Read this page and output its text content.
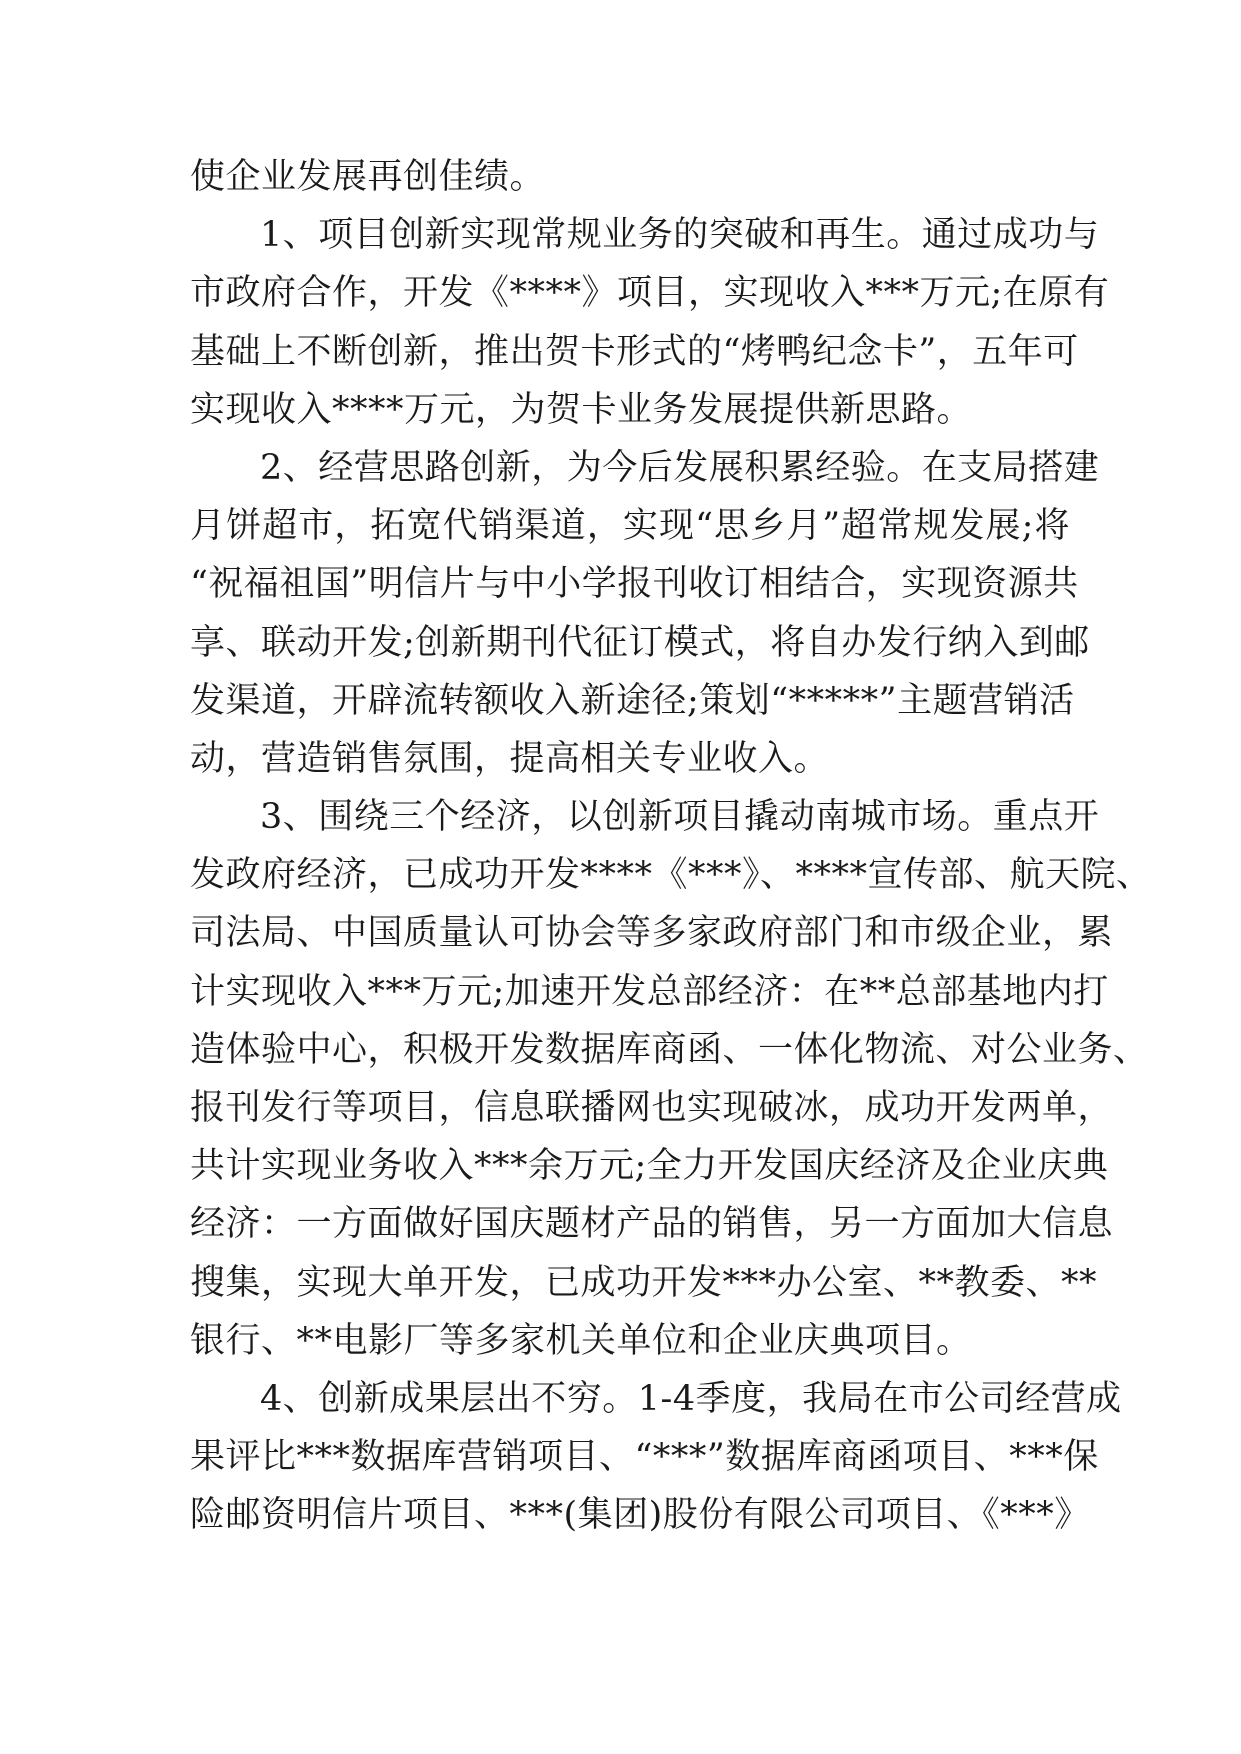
使企业发展再创佳绩。
1、项目创新实现常规业务的突破和再生。通过成功与
市政府合作，开发《****》项目，实现收入***万元;在原有
基础上不断创新，推出贺卡形式的“烤鸭纪念卡”，五年可
实现收入****万元，为贺卡业务发展提供新思路。
2、经营思路创新，为今后发展积累经验。在支局搭建
月饼超市，拓宽代销渠道，实现“思乡月”超常规发展;将
“祝福祖国”明信片与中小学报刊收订相结合，实现资源共
享、联动开发;创新期刊代征订模式，将自办发行纳入到邮
发渠道，开辟流转额收入新途径;策划“*****”主题营销活
动，营造销售氛围，提高相关专业收入。
3、围绕三个经济，以创新项目撬动南城市场。重点开
发政府经济，已成功开发****《***》、****宣传部、航天院、
司法局、中国质量认可协会等多家政府部门和市级企业，累
计实现收入***万元;加速开发总部经济：在**总部基地内打
造体验中心，积极开发数据库商函、一体化物流、对公业务、
报刊发行等项目，信息联播网也实现破冰，成功开发两单，
共计实现业务收入***余万元;全力开发国庆经济及企业庆典
经济：一方面做好国庆题材产品的销售，另一方面加大信息
搜集，实现大单开发，已成功开发***办公室、**教委、**
银行、**电影厂等多家机关单位和企业庆典项目。
4、创新成果层出不穷。1-4季度，我局在市公司经营成
果评比***数据库营销项目、“***”数据库商函项目、***保
险邮资明信片项目、***(集团)股份有限公司项目、《***》
